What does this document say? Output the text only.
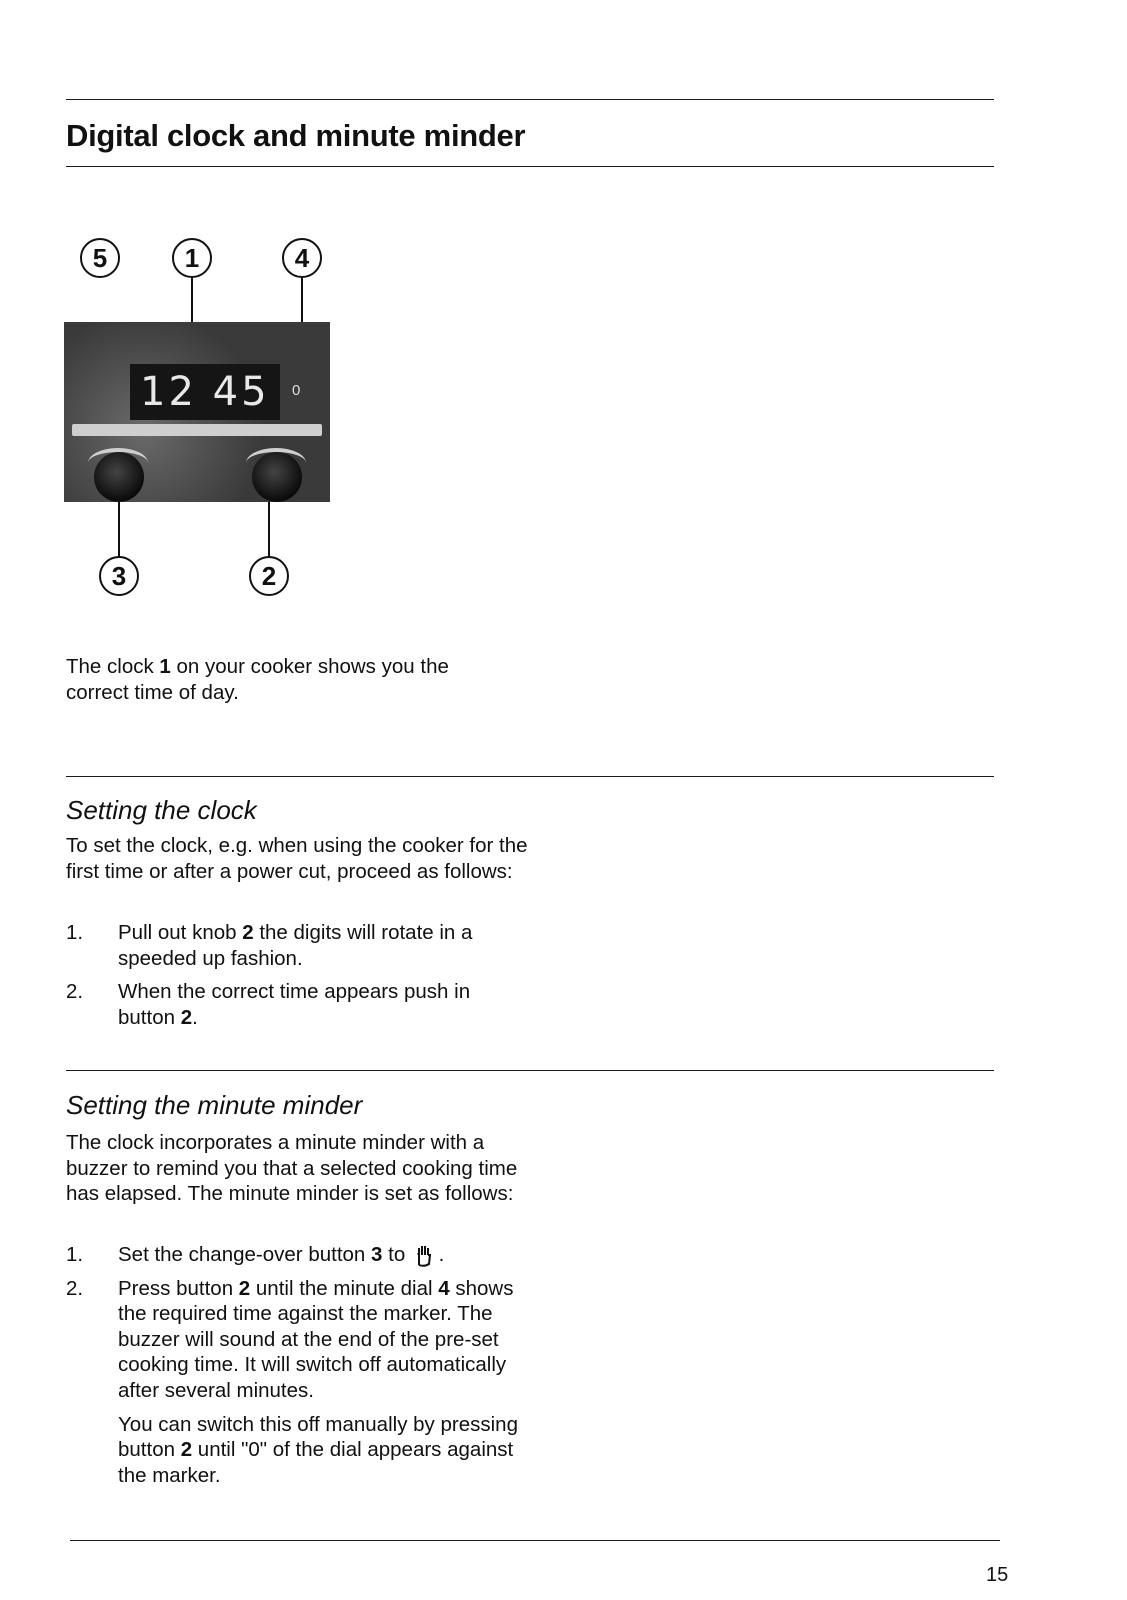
Digital clock and minute minder
5	1	4
12 45	0
3	2

The clock 1 on your cooker shows you the correct time of day.

Setting the clock

To set the clock, e.g. when using the cooker for the first time or after a power cut, proceed as follows:

1. Pull out knob 2 the digits will rotate in a speeded up fashion.
2. When the correct time appears push in button 2.
Setting the minute minder

The clock incorporates a minute minder with a buzzer to remind you that a selected cooking time has elapsed. The minute minder is set as follows:

1. Set the change-over button 3 to  .
2. Press button 2 until the minute dial 4 shows the required time against the marker. The buzzer will sound at the end of the pre-set cooking time. It will switch off automatically after several minutes.
You can switch this off manually by pressing button 2 until "0" of the dial appears against the marker.
15
